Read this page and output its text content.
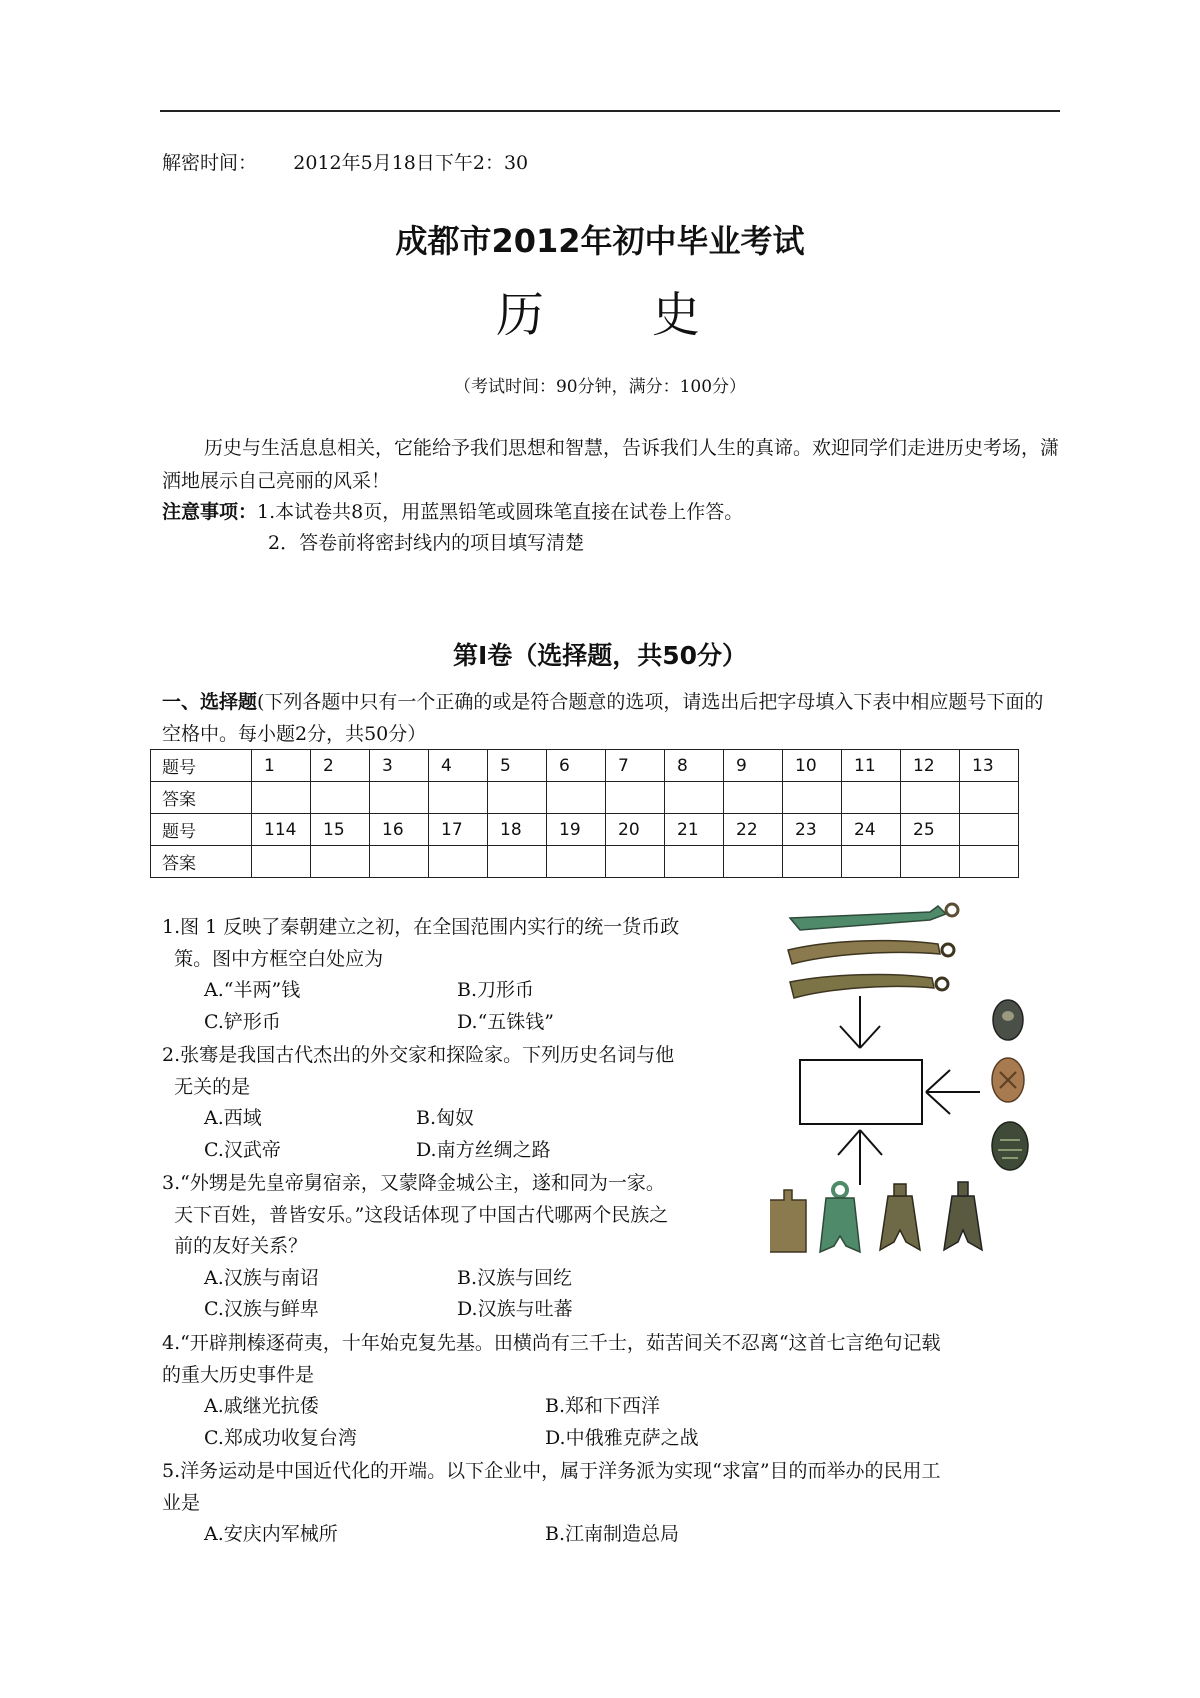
解密时间： 2012年5月18日下午2：30
成都市2012年初中毕业考试
历　　史
（考试时间：90分钟，满分：100分）
历史与生活息息相关，它能给予我们思想和智慧，告诉我们人生的真谛。欢迎同学们走进历史考场，潇洒地展示自己亮丽的风采！
注意事项：1.本试卷共8页，用蓝黑铅笔或圆珠笔直接在试卷上作答。
2．答卷前将密封线内的项目填写清楚
第Ⅰ卷（选择题，共50分）
一、选择题(下列各题中只有一个正确的或是符合题意的选项，请选出后把字母填入下表中相应题号下面的空格中。每小题2分，共50分）
题号	1	2	3	4	5	6	7	8	9	10	11	12	13
答案													
题号	114	15	16	17	18	19	20	21	22	23	24	25	
答案													
1.图 1 反映了秦朝建立之初，在全国范围内实行的统一货币政
策。图中方框空白处应为
A.“半两”钱	B.刀形币
C.铲形币	D.“五铢钱”
2.张骞是我国古代杰出的外交家和探险家。下列历史名词与他
无关的是
A.西域	B.匈奴
C.汉武帝	D.南方丝绸之路
3.“外甥是先皇帝舅宿亲，又蒙降金城公主，遂和同为一家。
天下百姓，普皆安乐。”这段话体现了中国古代哪两个民族之
前的友好关系？
A.汉族与南诏	B.汉族与回纥
C.汉族与鲜卑	D.汉族与吐蕃
4.“开辟荆榛逐荷夷，十年始克复先基。田横尚有三千士，茹苦间关不忍离“这首七言绝句记载
的重大历史事件是
A.戚继光抗倭	B.郑和下西洋
C.郑成功收复台湾	D.中俄雅克萨之战
5.洋务运动是中国近代化的开端。以下企业中，属于洋务派为实现“求富”目的而举办的民用工
业是
A.安庆内军械所	B.江南制造总局
